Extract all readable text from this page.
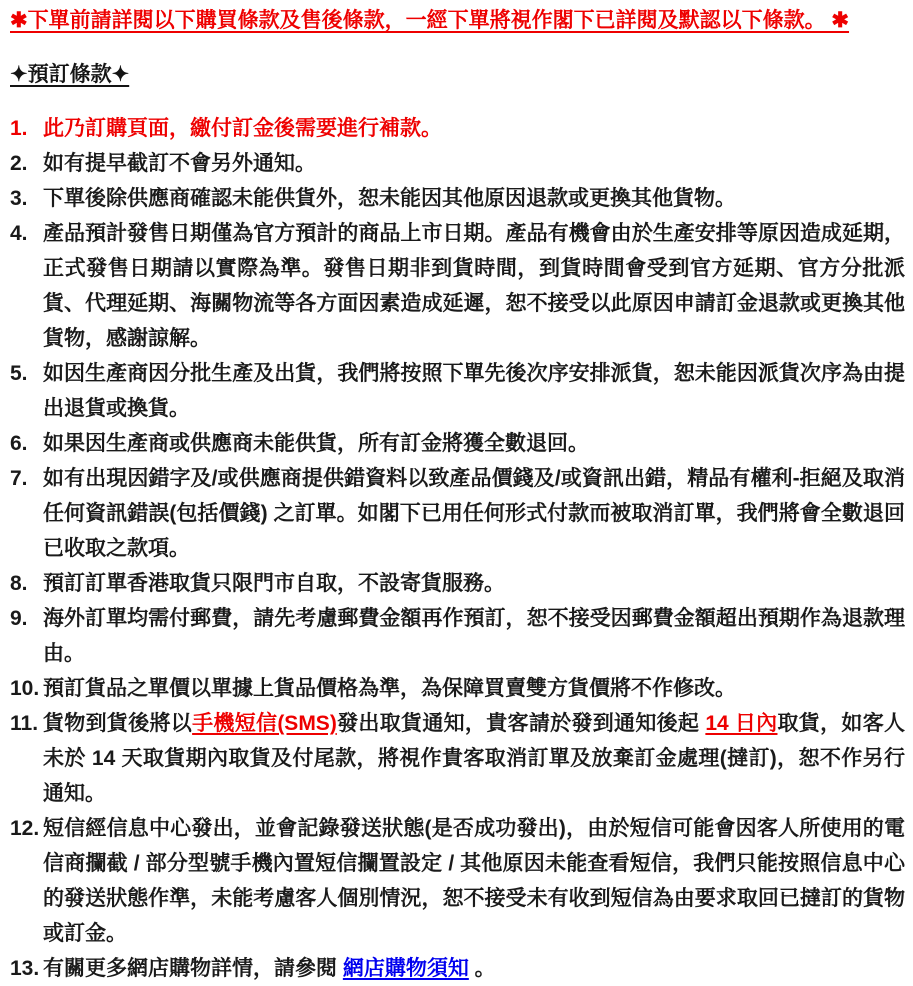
✱下單前請詳閱以下購買條款及售後條款，一經下單將視作閣下已詳閱及默認以下條款。 ✱
✦預訂條款✦
1. 此乃訂購頁面，繳付訂金後需要進行補款。
2. 如有提早截訂不會另外通知。
3. 下單後除供應商確認未能供貨外，恕未能因其他原因退款或更換其他貨物。
4. 產品預計發售日期僅為官方預計的商品上市日期。產品有機會由於生產安排等原因造成延期，正式發售日期請以實際為準。發售日期非到貨時間，到貨時間會受到官方延期、官方分批派貨、代理延期、海關物流等各方面因素造成延遲，恕不接受以此原因申請訂金退款或更換其他貨物，感謝諒解。
5. 如因生產商因分批生產及出貨，我們將按照下單先後次序安排派貨，恕未能因派貨次序為由提出退貨或換貨。
6. 如果因生產商或供應商未能供貨，所有訂金將獲全數退回。
7. 如有出現因錯字及/或供應商提供錯資料以致產品價錢及/或資訊出錯，精品有權利-拒絕及取消任何資訊錯誤(包括價錢) 之訂單。如閣下已用任何形式付款而被取消訂單，我們將會全數退回已收取之款項。
8. 預訂訂單香港取貨只限門市自取，不設寄貨服務。
9. 海外訂單均需付郵費，請先考慮郵費金額再作預訂，恕不接受因郵費金額超出預期作為退款理由。
10. 預訂貨品之單價以單據上貨品價格為準，為保障買賣雙方貨價將不作修改。
11. 貨物到貨後將以手機短信(SMS)發出取貨通知，貴客請於發到通知後起 14 日內取貨，如客人未於 14 天取貨期內取貨及付尾款，將視作貴客取消訂單及放棄訂金處理(撻訂)，恕不作另行通知。
12. 短信經信息中心發出，並會記錄發送狀態(是否成功發出)，由於短信可能會因客人所使用的電信商攔截 / 部分型號手機內置短信攔置設定 / 其他原因未能查看短信，我們只能按照信息中心的發送狀態作準，未能考慮客人個別情況，恕不接受未有收到短信為由要求取回已撻訂的貨物或訂金。
13. 有關更多網店購物詳情，請參閱 網店購物須知 。
